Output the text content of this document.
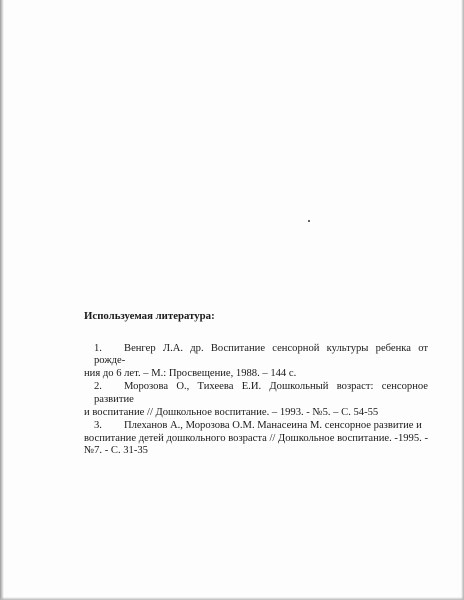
Используемая литература:
1. Венгер Л.А. др. Воспитание сенсорной культуры ребенка от рожде-
ния до 6 лет. – М.: Просвещение, 1988. – 144 с.
2. Морозова О., Тихеева Е.И. Дошкольный возраст: сенсорное развитие
и воспитание // Дошкольное воспитание. – 1993. - №5. – С. 54-55
3. Плеханов А., Морозова О.М. Манасеина М. сенсорное развитие и
воспитание детей дошкольного возраста // Дошкольное воспитание. -1995. - №7. - С. 31-35
